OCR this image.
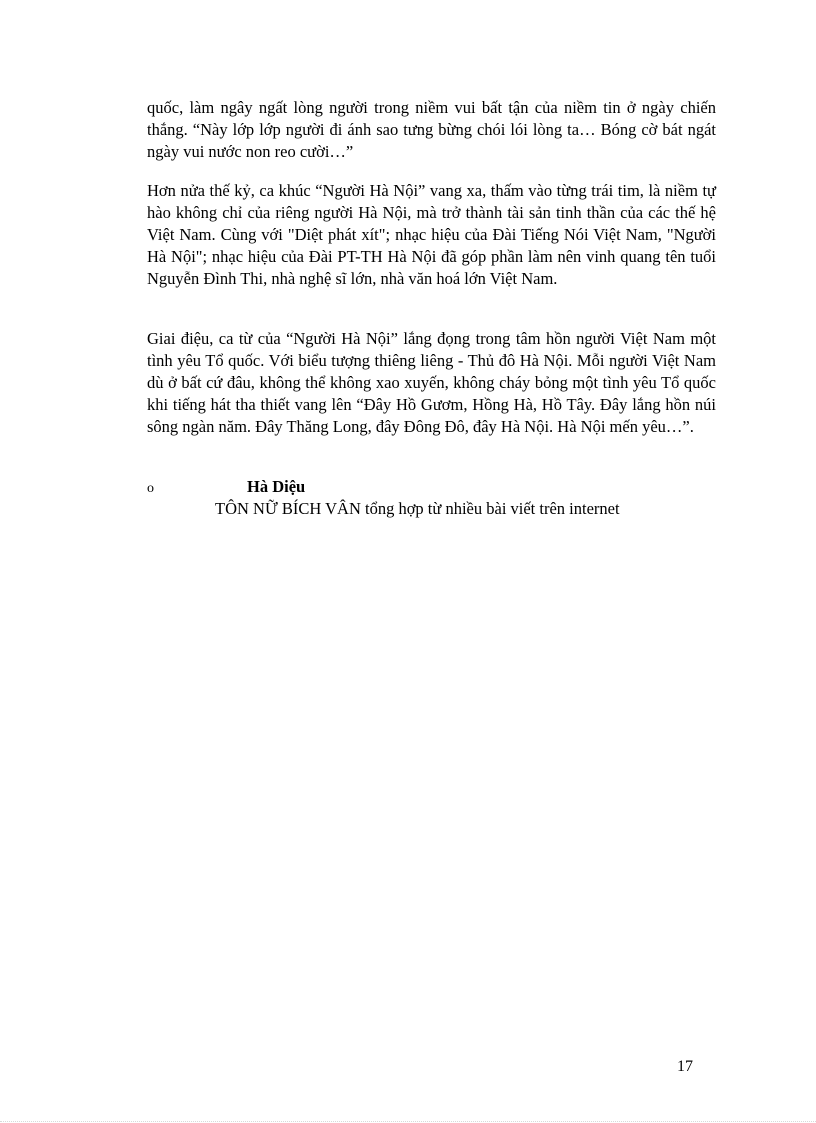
quốc, làm ngây ngất lòng người trong niềm vui bất tận của niềm tin ở ngày chiến thắng. “Này lớp lớp người đi ánh sao tưng bừng chói lói lòng ta… Bóng cờ bát ngát ngày vui nước non reo cười…”

Hơn nửa thế kỷ, ca khúc “Người Hà Nội” vang xa, thấm vào từng trái tim, là niềm tự hào không chỉ của riêng người Hà Nội, mà trở thành tài sản tinh thần của các thế hệ Việt Nam. Cùng với "Diệt phát xít"; nhạc hiệu của Đài Tiếng Nói Việt Nam, "Người Hà Nội"; nhạc hiệu của Đài PT-TH Hà Nội đã góp phần làm nên vinh quang tên tuổi Nguyễn Đình Thi, nhà nghệ sĩ lớn, nhà văn hoá lớn Việt Nam.

Giai điệu, ca từ của “Người Hà Nội” lắng đọng trong tâm hồn người Việt Nam một tình yêu Tổ quốc. Với biểu tượng thiêng liêng - Thủ đô Hà Nội. Mỗi người Việt Nam dù ở bất cứ đâu, không thể không xao xuyến, không cháy bỏng một tình yêu Tổ quốc khi tiếng hát tha thiết vang lên “Đây Hồ Gươm, Hồng Hà, Hồ Tây. Đây lắng hồn núi sông ngàn năm. Đây Thăng Long, đây Đông Đô, đây Hà Nội. Hà Nội mến yêu…”.

o	Hà Diệu
TÔN NỮ BÍCH VÂN tổng hợp từ nhiều bài viết trên internet
17
